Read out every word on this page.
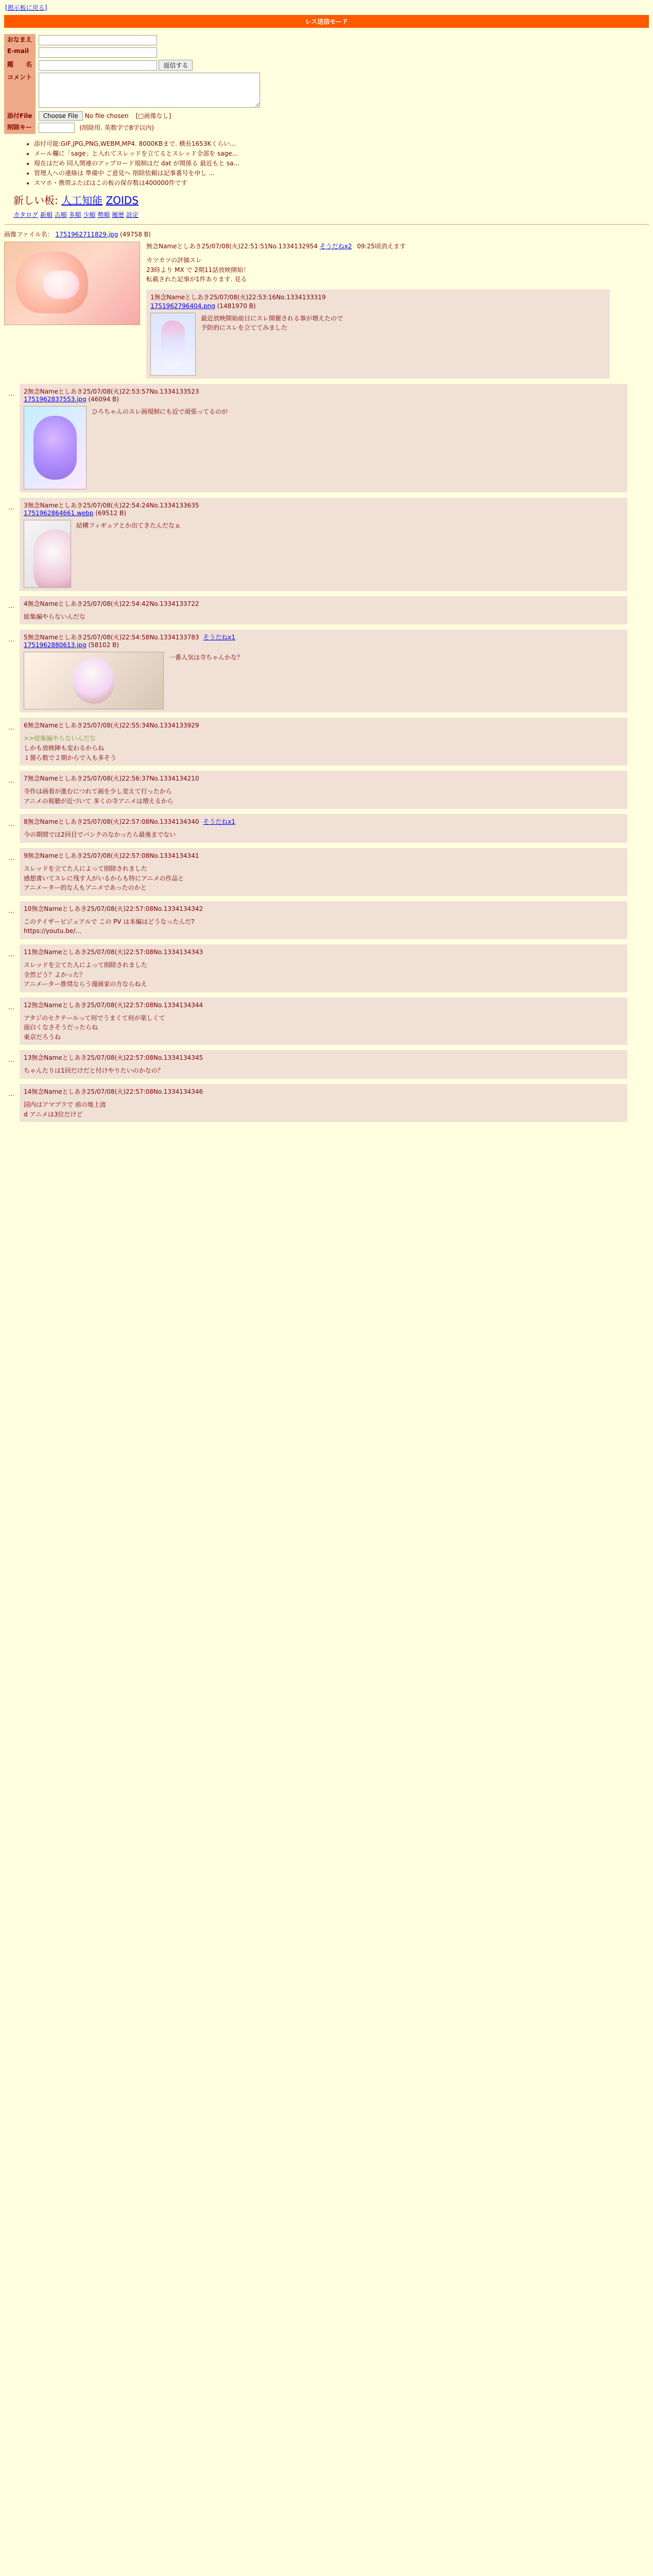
[掲示板に戻る]
レス送信モード
おなまえ	
E-mail	
題　　名	返信する
コメント	
添付File	Choose File No file chosen [□画像なし]
削除キー	(削除用. 英数字で8字以内)
• 添付可能:GIF,JPG,PNG,WEBM,MP4. 8000KBまで. 横長1653Kくらい...
• メール欄に「sage」と入れてスレッドを立てるとスレッド全部を sage...
• 現在はだめ 同人関連のアップロード規制はだ dat が関係る 最近もと sa...
• 管理人への連絡は 準備中 ご意見へ 削除依頼は記事番号を申し ...
• スマホ・携帯ふたばはこの板の保存数は400000件です
新しい板: 人工知能 ZOIDS
カタログ 新順 古順 多順 少順 勢順 履歴 設定
画像ファイル名： 1751962711829.jpg (49758 B)
無念Nameとしあき25/07/08(火)22:51:51No.1334132954 そうだねx2 09:25頃消えます
カツカツの評価スレ
23時より MX で 2期11話放映開始！
転載された記事が1件あります. 見る
1無念Nameとしあき25/07/08(火)22:53:16No.1334133319
1751962796404.png (1481970 B)
最近放映開始前日にスレ開催される事が増えたので
予防的にスレを立ててみました
… 2無念Nameとしあき25/07/08(火)22:53:57No.1334133523
1751962837553.jpg (46094 B)
ひろちゃんのスレ画規制にも近で頑張ってるのが
… 3無念Nameとしあき25/07/08(火)22:54:24No.1334133635
1751962864661.webp (69512 B)
結構フィギュアとか出てきたんだなぁ
… 4無念Nameとしあき25/07/08(火)22:54:42No.1334133722
総集編やらないんだな
… 5無念Nameとしあき25/07/08(火)22:54:58No.1334133783 そうだねx1
1751962880613.jpg (58102 B)
一番人気は寺ちゃんかな？
… 6無念Nameとしあき25/07/08(火)22:55:34No.1334133929
>>総集編やらないんだな
しかも放映陣も変わるからね
１箇ら数で２期からで入も多そう
… 7無念Nameとしあき25/07/08(火)22:56:37No.1334134210
寺作は画看が進むにつれて画を少し変えて行ったから
アニメの視聴が近づいて 多くの寺アニメは増えるから
… 8無念Nameとしあき25/07/08(火)22:57:08No.1334134340 そうだねx1
今の期間では2回目でバンクのなかったら最後までない
… 9無念Nameとしあき25/07/08(火)22:57:08No.1334134341
スレッドを立てた人によって削除されました
感想書いてスレに残す人がいるからも特にアニメの作品と
アニメーター的な人もアニメであったのかと
… 10無念Nameとしあき25/07/08(火)22:57:08No.1334134342
このテイザーピジュアルで この PV は本編はどうなったんだ?
https://youtu.be/...
… 11無念Nameとしあき25/07/08(火)22:57:08No.1334134343
スレッドを立てた人によって削除されました
全然どう？よかった？
アニメーター推奨ならう漫画家の方ならねえ
… 12無念Nameとしあき25/07/08(火)22:57:08No.1334134344
アタジのセクテールって何でうまくて何が楽しくて
面白くなさそうだったらね
東京だろうね
… 13無念Nameとしあき25/07/08(火)22:57:08No.1334134345
ちゃんたりは1回だけだと付けやりたいのかなの？
… 14無念Nameとしあき25/07/08(火)22:57:08No.1334134346
国内はアマプラで 前の地上波
d アニメは3位だけど
